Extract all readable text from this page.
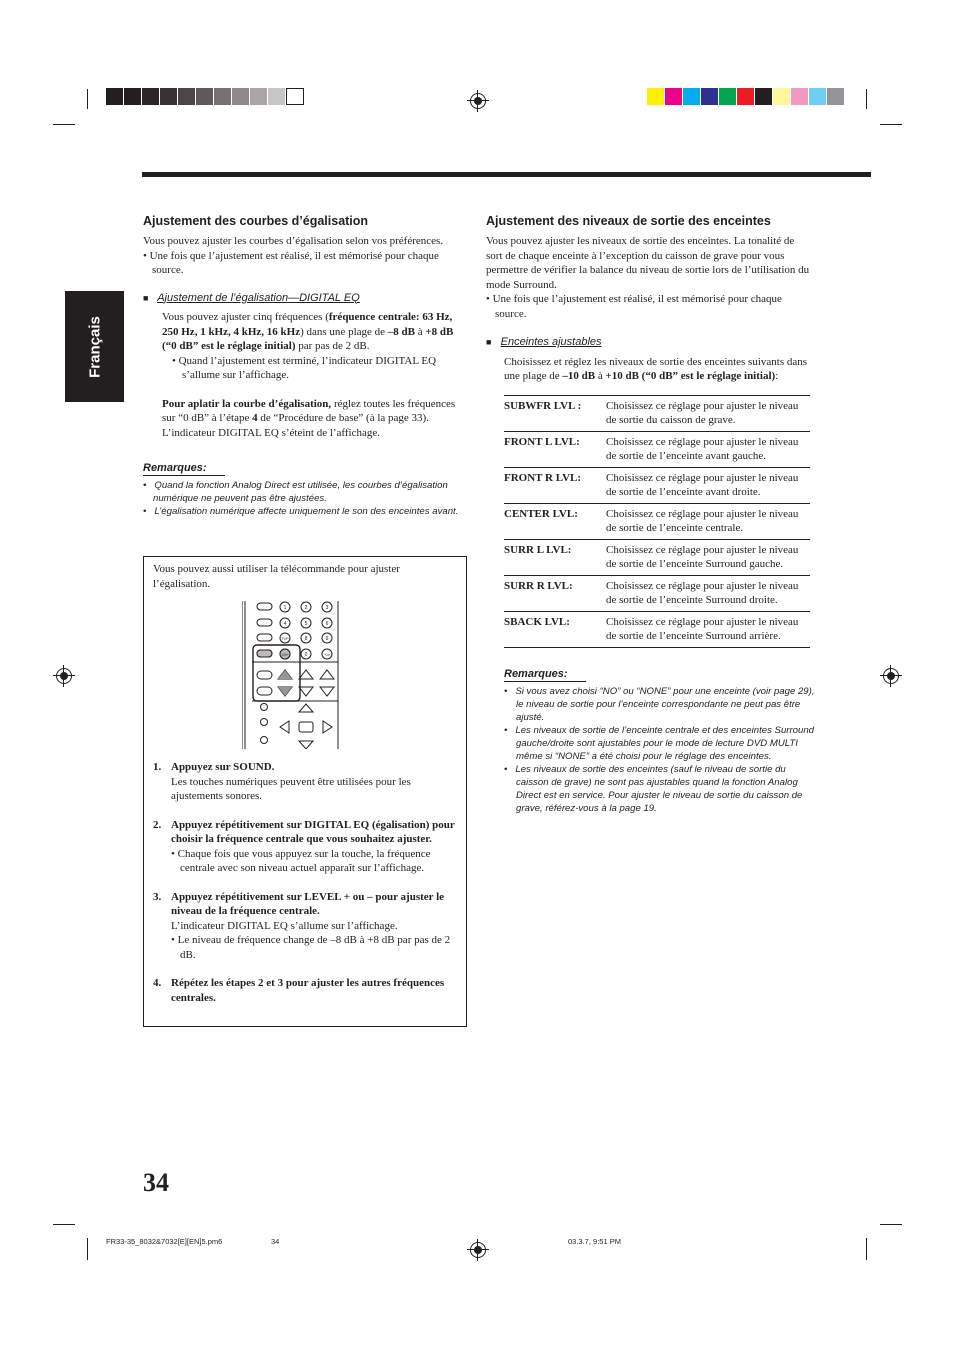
Français
Ajustement des courbes d’égalisation

Vous pouvez ajuster les courbes d’égalisation selon vos préférences.

• Une fois que l’ajustement est réalisé, il est mémorisé pour chaque source.

■ Ajustement de l’égalisation—DIGITAL EQ

Vous pouvez ajuster cinq fréquences (fréquence centrale: 63 Hz, 250 Hz, 1 kHz, 4 kHz, 16 kHz) dans une plage de –8 dB à +8 dB (“0 dB” est le réglage initial) par pas de 2 dB.

• Quand l’ajustement est terminé, l’indicateur DIGITAL EQ s’allume sur l’affichage.

Pour aplatir la courbe d’égalisation, réglez toutes les fréquences sur “0 dB” à l’étape 4 de “Procédure de base” (à la page 33). L’indicateur DIGITAL EQ s’éteint de l’affichage.

Remarques:

•   Quand la fonction Analog Direct est utilisée, les courbes d’égalisation numérique ne peuvent pas être ajustées.

•   L’égalisation numérique affecte uniquement le son des enceintes avant.

Vous pouvez aussi utiliser la télécommande pour ajuster l’égalisation.

1	2	3
4	5	6
TV/P	8	9
100+	0	+10

1. Appuyez sur SOUND.

Les touches numériques peuvent être utilisées pour les ajustements sonores.

2. Appuyez répétitivement sur DIGITAL EQ (égalisation) pour choisir la fréquence centrale que vous souhaitez ajuster.

• Chaque fois que vous appuyez sur la touche, la fréquence centrale avec son niveau actuel apparaît sur l’affichage.

3. Appuyez répétitivement sur LEVEL + ou – pour ajuster le niveau de la fréquence centrale.

L’indicateur DIGITAL EQ s’allume sur l’affichage.

• Le niveau de fréquence change de –8 dB à +8 dB par pas de 2 dB.

4. Répétez les étapes 2 et 3 pour ajuster les autres fréquences centrales.

Ajustement des niveaux de sortie des enceintes

Vous pouvez ajuster les niveaux de sortie des enceintes. La tonalité de sort de chaque enceinte à l’exception du caisson de grave pour vous permettre de vérifier la balance du niveau de sortie lors de l’utilisation du mode Surround.

• Une fois que l’ajustement est réalisé, il est mémorisé pour chaque source.

■ Enceintes ajustables

Choisissez et réglez les niveaux de sortie des enceintes suivants dans une plage de –10 dB à +10 dB (“0 dB” est le réglage initial):

SUBWFR LVL :	Choisissez ce réglage pour ajuster le niveau de sortie du caisson de grave.
FRONT L LVL:	Choisissez ce réglage pour ajuster le niveau de sortie de l’enceinte avant gauche.
FRONT R LVL:	Choisissez ce réglage pour ajuster le niveau de sortie de l’enceinte avant droite.
CENTER LVL:	Choisissez ce réglage pour ajuster le niveau de sortie de l’enceinte centrale.
SURR L LVL:	Choisissez ce réglage pour ajuster le niveau de sortie de l’enceinte Surround gauche.
SURR R LVL:	Choisissez ce réglage pour ajuster le niveau de sortie de l’enceinte Surround droite.
SBACK LVL:	Choisissez ce réglage pour ajuster le niveau de sortie de l’enceinte Surround arrière.
Remarques:

•   Si vous avez choisi “NO” ou “NONE” pour une enceinte (voir page 29), le niveau de sortie pour l’enceinte correspondante ne peut pas être ajusté.

•   Les niveaux de sortie de l’enceinte centrale et des enceintes Surround gauche/droite sont ajustables pour le mode de lecture DVD MULTI même si “NONE” a été choisi pour le réglage des enceintes.

•   Les niveaux de sortie des enceintes (sauf le niveau de sortie du caisson de grave) ne sont pas ajustables quand la fonction Analog Direct est en service. Pour ajuster le niveau de sortie du caisson de grave, référez-vous à la page 19.

34
FR33-35_8032&7032[E][EN]5.pm6	34	03.3.7, 9:51 PM
